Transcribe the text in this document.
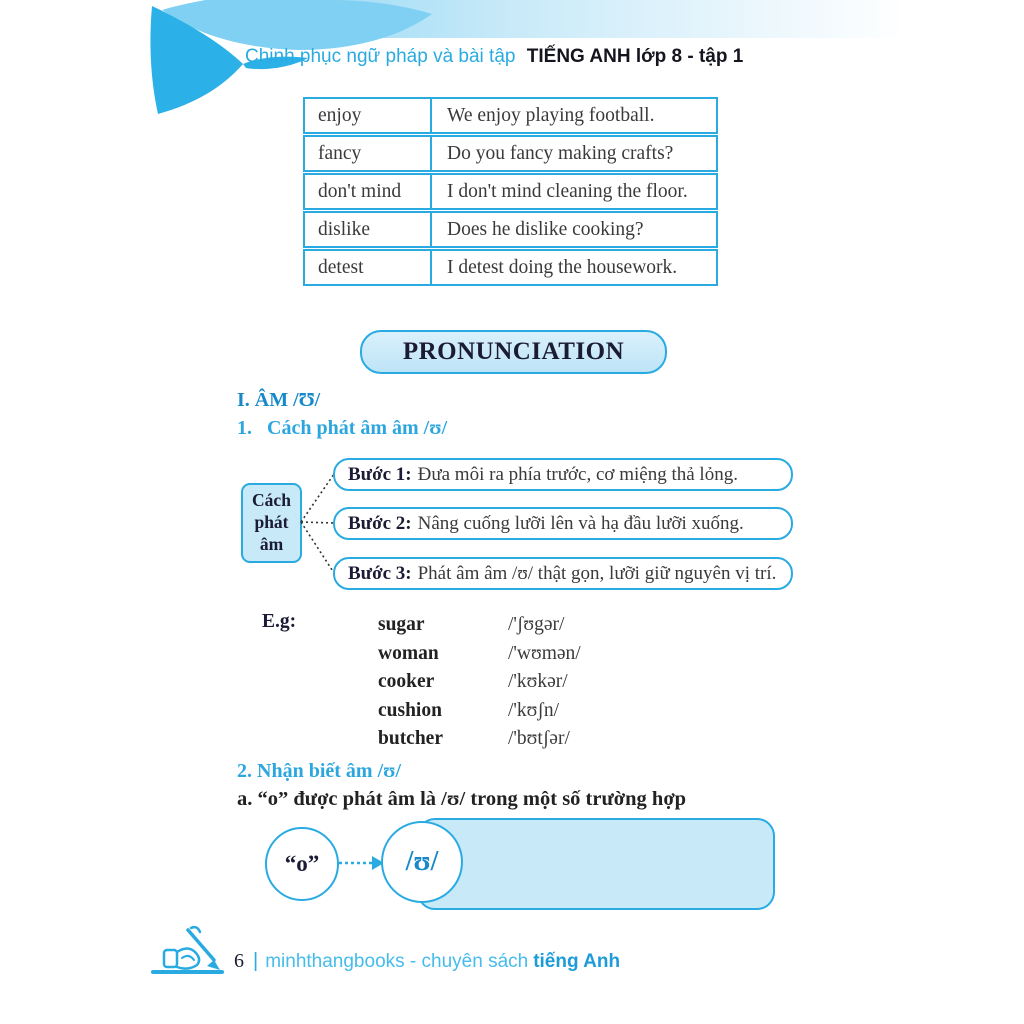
Chinh phục ngữ pháp và bài tập TIẾNG ANH lớp 8 - tập 1
enjoy	We enjoy playing football.
fancy	Do you fancy making crafts?
don't mind	I don't mind cleaning the floor.
dislike	Does he dislike cooking?
detest	I detest doing the housework.
PRONUNCIATION
I. ÂM /Ʊ/
1. Cách phát âm âm /ʊ/
Cách
phát
âm
Bước 1: Đưa môi ra phía trước, cơ miệng thả lỏng.
Bước 2: Nâng cuống lưỡi lên và hạ đầu lưỡi xuống.
Bước 3: Phát âm âm /ʊ/ thật gọn, lưỡi giữ nguyên vị trí.
E.g:	sugar	/'ʃʊgər/
woman	/'wʊmən/
cooker	/'kʊkər/
cushion	/'kʊʃn/
butcher	/'bʊtʃər/
2. Nhận biết âm /ʊ/
a. “o” được phát âm là /ʊ/ trong một số trường hợp
“o”	/ʊ/
6 | minhthangbooks - chuyên sách tiếng Anh
